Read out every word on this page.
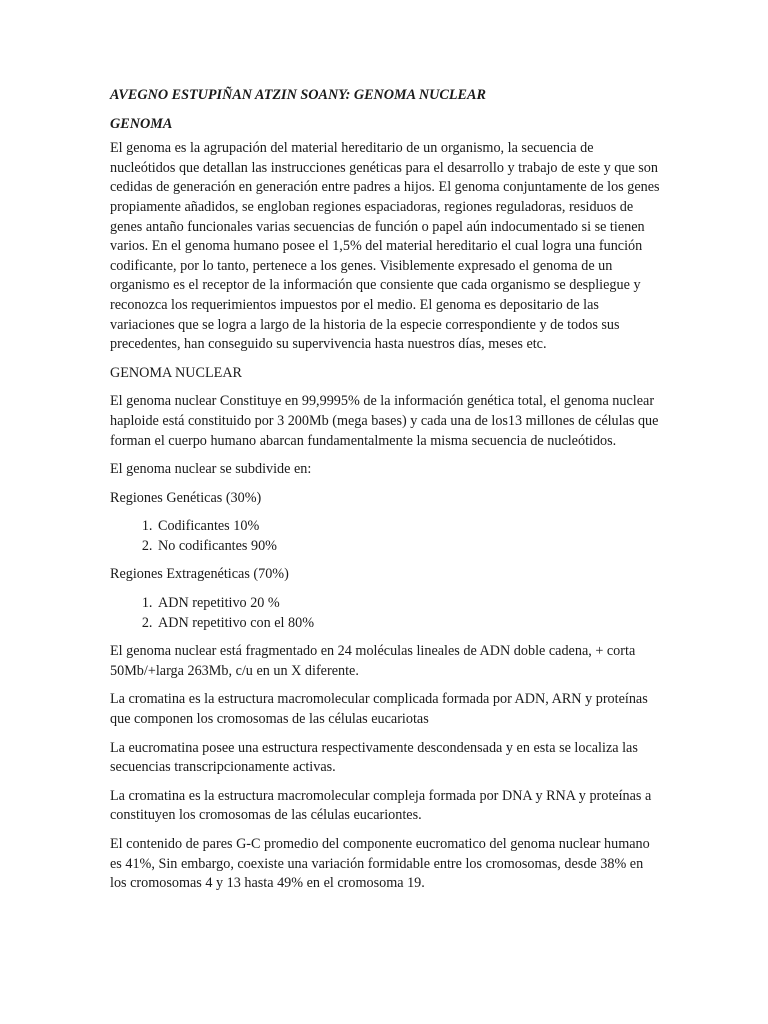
AVEGNO ESTUPIÑAN ATZIN SOANY: GENOMA NUCLEAR
GENOMA

El genoma es la agrupación del material hereditario de un organismo, la secuencia de nucleótidos que detallan las instrucciones genéticas para el desarrollo y trabajo de este y que son cedidas de generación en generación entre padres a hijos. El genoma conjuntamente de los genes propiamente añadidos, se engloban regiones espaciadoras, regiones reguladoras, residuos de genes antaño funcionales varias secuencias de función o papel aún indocumentado si se tienen varios. En el genoma humano posee el 1,5% del material hereditario el cual logra una función codificante, por lo tanto, pertenece a los genes. Visiblemente expresado el genoma de un organismo es el receptor de la información que consiente que cada organismo se despliegue y reconozca los requerimientos impuestos por el medio. El genoma es depositario de las variaciones que se logra a largo de la historia de la especie correspondiente y de todos sus precedentes, han conseguido su supervivencia hasta nuestros días, meses etc.

GENOMA NUCLEAR

El genoma nuclear Constituye en 99,9995% de la información genética total, el genoma nuclear haploide está constituido por 3 200Mb (mega bases) y cada una de los13 millones de células que forman el cuerpo humano abarcan fundamentalmente la misma secuencia de nucleótidos.

El genoma nuclear se subdivide en:

Regiones Genéticas (30%)

1. Codificantes 10%
2. No codificantes 90%

Regiones Extragenéticas (70%)

1. ADN repetitivo 20 %
2. ADN repetitivo con el 80%

El genoma nuclear está fragmentado en 24 moléculas lineales de ADN doble cadena, + corta 50Mb/+larga 263Mb, c/u en un X diferente.

La cromatina es la estructura macromolecular complicada formada por ADN, ARN y proteínas que componen los cromosomas de las células eucariotas

La eucromatina posee una estructura respectivamente descondensada y en esta se localiza las secuencias transcripcionamente activas.

La cromatina es la estructura macromolecular compleja formada por DNA y RNA y proteínas a constituyen los cromosomas de las células eucariontes.

El contenido de pares G-C promedio del componente eucromatico del genoma nuclear humano es 41%, Sin embargo, coexiste una variación formidable entre los cromosomas, desde 38% en los cromosomas 4 y 13 hasta 49% en el cromosoma 19.
